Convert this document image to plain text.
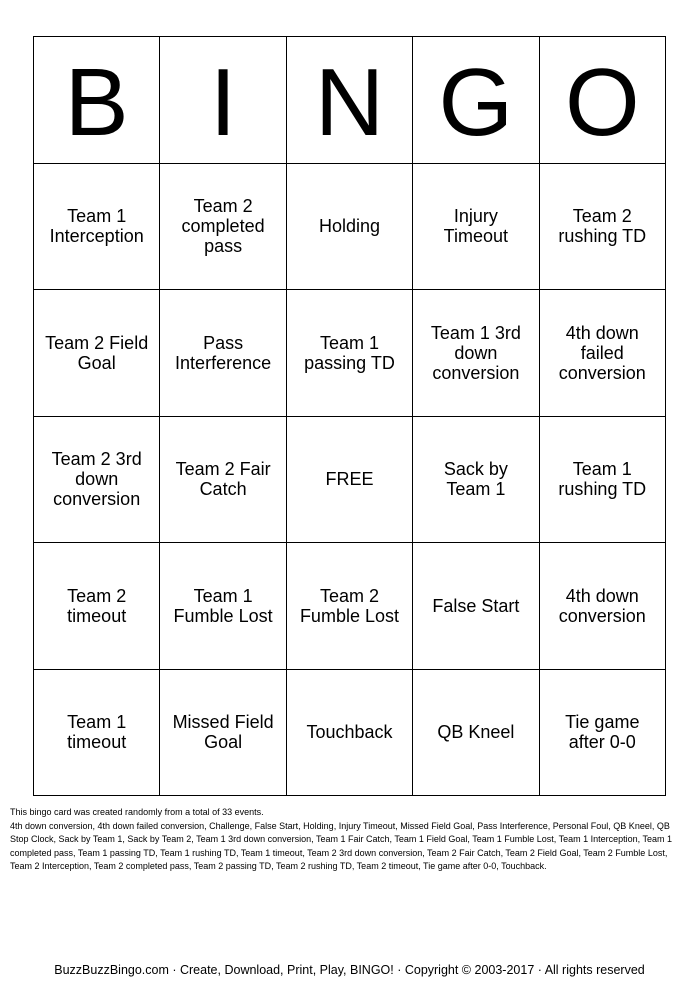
B	I	N	G	O
Team 1 Interception	Team 2 completed pass	Holding	Injury Timeout	Team 2 rushing TD
Team 2 Field Goal	Pass Interference	Team 1 passing TD	Team 1 3rd down conversion	4th down failed conversion
Team 2 3rd down conversion	Team 2 Fair Catch	FREE	Sack by Team 1	Team 1 rushing TD
Team 2 timeout	Team 1 Fumble Lost	Team 2 Fumble Lost	False Start	4th down conversion
Team 1 timeout	Missed Field Goal	Touchback	QB Kneel	Tie game after 0-0

This bingo card was created randomly from a total of 33 events.

4th down conversion, 4th down failed conversion, Challenge, False Start, Holding, Injury Timeout, Missed Field Goal, Pass Interference, Personal Foul, QB Kneel, QB Stop Clock, Sack by Team 1, Sack by Team 2, Team 1 3rd down conversion, Team 1 Fair Catch, Team 1 Field Goal, Team 1 Fumble Lost, Team 1 Interception, Team 1 completed pass, Team 1 passing TD, Team 1 rushing TD, Team 1 timeout, Team 2 3rd down conversion, Team 2 Fair Catch, Team 2 Field Goal, Team 2 Fumble Lost, Team 2 Interception, Team 2 completed pass, Team 2 passing TD, Team 2 rushing TD, Team 2 timeout, Tie game after 0-0, Touchback.

BuzzBuzzBingo.com · Create, Download, Print, Play, BINGO! · Copyright © 2003-2017 · All rights reserved
